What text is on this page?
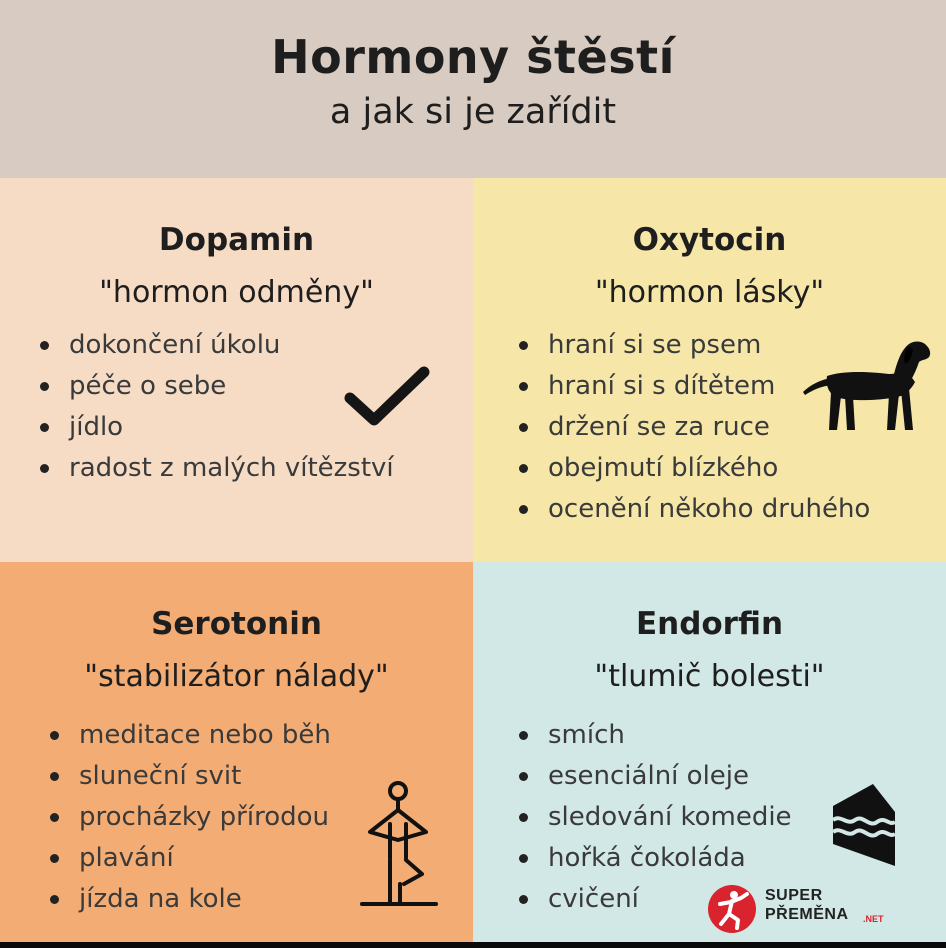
Hormony štěstí
a jak si je zařídit
Dopamin
"hormon odměny"
dokončení úkolu
péče o sebe
jídlo
radost z malých vítězství
Oxytocin
"hormon lásky"
hraní si se psem
hraní si s dítětem
držení se za ruce
obejmutí blízkého
ocenění někoho druhého
Serotonin
"stabilizátor nálady"
meditace nebo běh
sluneční svit
procházky přírodou
plavání
jízda na kole
Endorfin
"tlumič bolesti"
smích
esenciální oleje
sledování komedie
hořká čokoláda
cvičení	SUPER
PŘEMĚNA .NET
